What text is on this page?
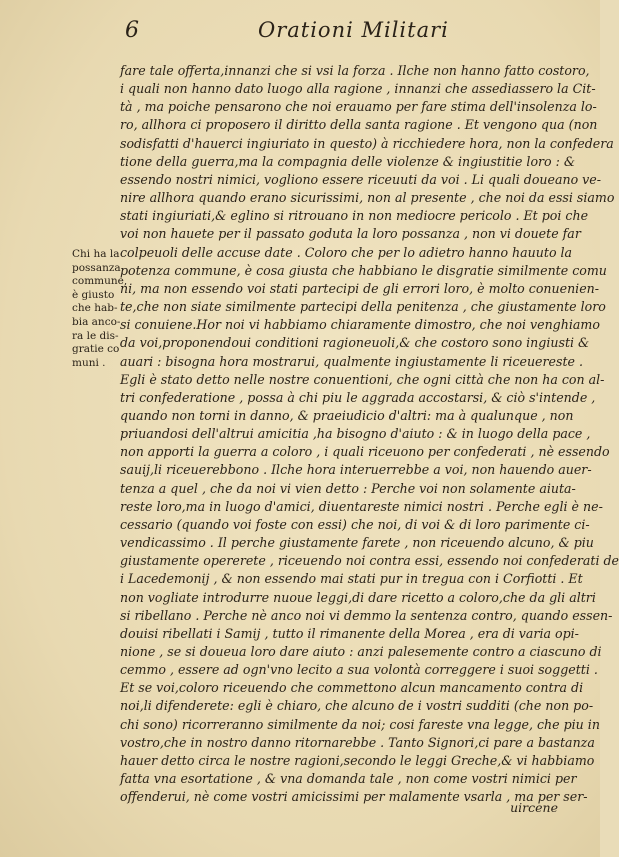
6	Orationi Militari
Chi ha la
possanza
commune,
è giusto
che hab-
bia anco-
ra le dis-
gratie co
muni .
fare tale offerta,innanzi che si vsi la forza . Ilche non hanno fatto costoro,
i quali non hanno dato luogo alla ragione , innanzi che assediassero la Cit-
tà , ma poiche pensarono che noi erauamo per fare stima dell'insolenza lo-
ro, allhora ci proposero il diritto della santa ragione . Et vengono qua (non
sodisfatti d'hauerci ingiuriato in questo) à ricchiedere hora, non la confedera
tione della guerra,ma la compagnia delle violenze & ingiustitie loro : &
essendo nostri nimici, vogliono essere riceuuti da voi . Li quali doueano ve-
nire allhora quando erano sicurissimi, non al presente , che noi da essi siamo
stati ingiuriati,& eglino si ritrouano in non mediocre pericolo . Et poi che
voi non hauete per il passato goduta la loro possanza , non vi douete far
colpeuoli delle accuse date . Coloro che per lo adietro hanno hauuto la
potenza commune, è cosa giusta che habbiano le disgratie similmente comu
ni, ma non essendo voi stati partecipi de gli errori loro, è molto conuenien-
te,che non siate similmente partecipi della penitenza , che giustamente loro
si conuiene.Hor noi vi habbiamo chiaramente dimostro, che noi venghiamo
da voi,proponendoui conditioni ragioneuoli,& che costoro sono ingiusti &
auari : bisogna hora mostrarui, qualmente ingiustamente li riceuereste .
Egli è stato detto nelle nostre conuentioni, che ogni città che non ha con al-
tri confederatione , possa à chi piu le aggrada accostarsi, & ciò s'intende ,
quando non torni in danno, & praeiudicio d'altri: ma à qualunque , non
priuandosi dell'altrui amicitia ,ha bisogno d'aiuto : & in luogo della pace ,
non apporti la guerra a coloro , i quali riceuono per confederati , nè essendo
sauij,li riceuerebbono . Ilche hora interuerrebbe a voi, non hauendo auer-
tenza a quel , che da noi vi vien detto : Perche voi non solamente aiuta-
reste loro,ma in luogo d'amici, diuentareste nimici nostri . Perche egli è ne-
cessario (quando voi foste con essi) che noi, di voi & di loro parimente ci-
vendicassimo . Il perche giustamente farete , non riceuendo alcuno, & piu
giustamente opererete , riceuendo noi contra essi, essendo noi confederati de
i Lacedemonij , & non essendo mai stati pur in tregua con i Corfiotti . Et
non vogliate introdurre nuoue leggi,di dare ricetto a coloro,che da gli altri
si ribellano . Perche nè anco noi vi demmo la sentenza contro, quando essen-
douisi ribellati i Samij , tutto il rimanente della Morea , era di varia opi-
nione , se si doueua loro dare aiuto : anzi palesemente contro a ciascuno di
cemmo , essere ad ogn'vno lecito a sua volontà correggere i suoi soggetti .
Et se voi,coloro riceuendo che commettono alcun mancamento contra di
noi,li difenderete: egli è chiaro, che alcuno de i vostri sudditi (che non po-
chi sono) ricorreranno similmente da noi; cosi fareste vna legge, che piu in
vostro,che in nostro danno ritornarebbe . Tanto Signori,ci pare a bastanza
hauer detto circa le nostre ragioni,secondo le leggi Greche,& vi habbiamo
fatta vna esortatione , & vna domanda tale , non come vostri nimici per
offenderui, nè come vostri amicissimi per malamente vsarla , ma per ser-
uircene
